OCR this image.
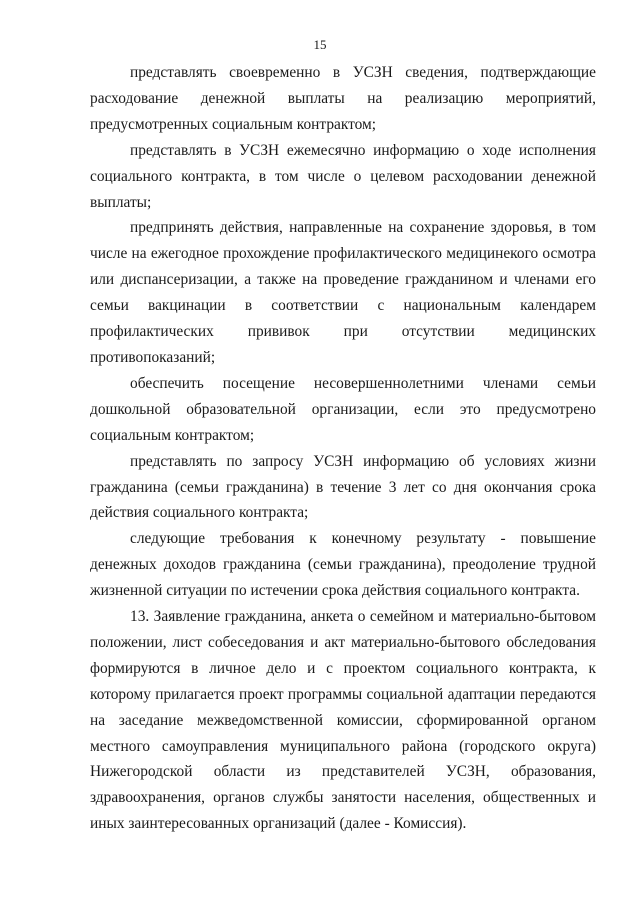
15

представлять своевременно в УСЗН сведения, подтверждающие расходование денежной выплаты на реализацию мероприятий, предусмотренных социальным контрактом;

представлять в УСЗН ежемесячно информацию о ходе исполнения социального контракта, в том числе о целевом расходовании денежной выплаты;

предпринять действия, направленные на сохранение здоровья, в том числе на ежегодное прохождение профилактического медицинекого осмотра или диспансеризации, а также на проведение гражданином и членами его семьи вакцинации в соответствии с национальным календарем профилактических прививок при отсутствии медицинских противопоказаний;

обеспечить посещение несовершеннолетними членами семьи дошкольной образовательной организации, если это предусмотрено социальным контрактом;

представлять по запросу УСЗН информацию об условиях жизни гражданина (семьи гражданина) в течение 3 лет со дня окончания срока действия социального контракта;

следующие требования к конечному результату - повышение денежных доходов гражданина (семьи гражданина), преодоление трудной жизненной ситуации по истечении срока действия социального контракта.

13. Заявление гражданина, анкета о семейном и материально-бытовом положении, лист собеседования и акт материально-бытового обследования формируются в личное дело и с проектом социального контракта, к которому прилагается проект программы социальной адаптации передаются на заседание межведомственной комиссии, сформированной органом местного самоуправления муниципального района (городского округа) Нижегородской области из представителей УСЗН, образования, здравоохранения, органов службы занятости населения, общественных и иных заинтересованных организаций (далее - Комиссия).
